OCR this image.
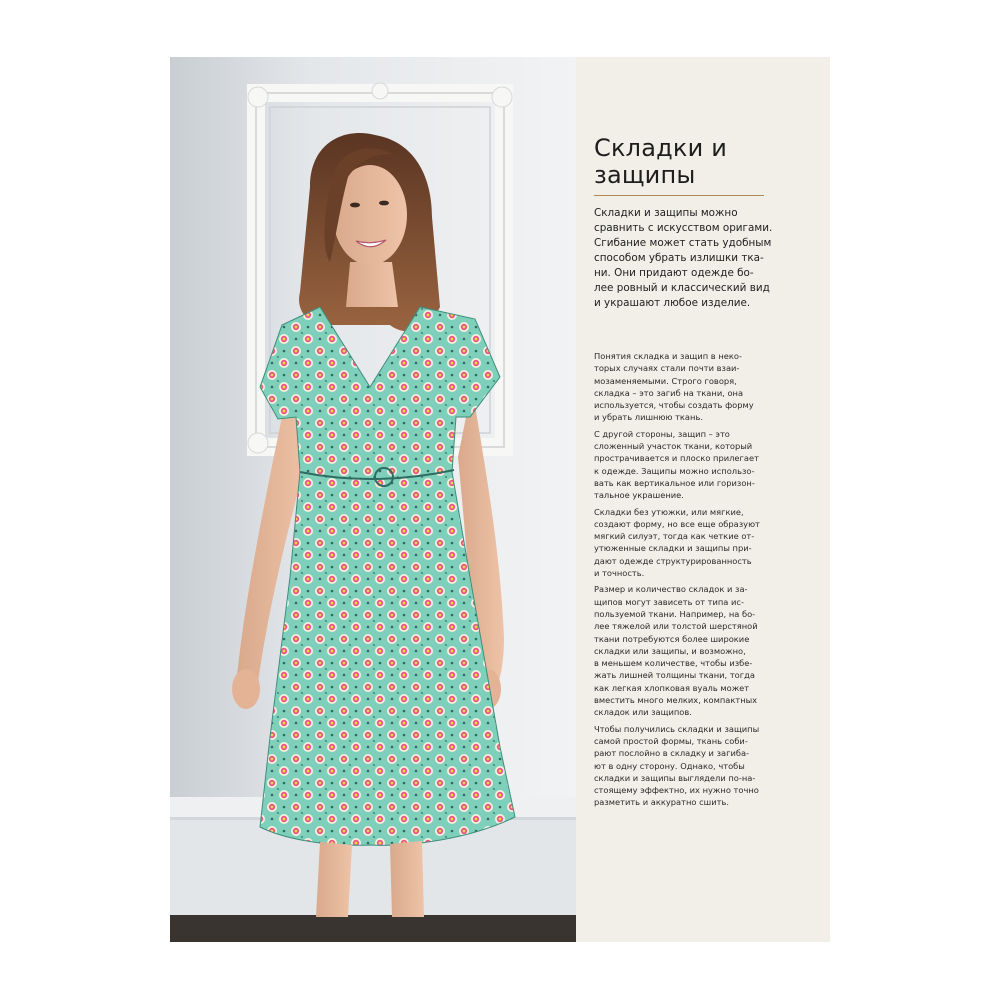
Складки и
защипы

Складки и защипы можно
сравнить с искусством оригами.
Сгибание может стать удобным
способом убрать излишки тка-
ни. Они придают одежде бо-
лее ровный и классический вид
и украшают любое изделие.

Понятия складка и защип в неко-
торых случаях стали почти взаи-
мозаменяемыми. Строго говоря,
складка – это загиб на ткани, она
используется, чтобы создать форму
и убрать лишнюю ткань.

С другой стороны, защип – это
сложенный участок ткани, который
прострачивается и плоско прилегает
к одежде. Защипы можно использо-
вать как вертикальное или горизон-
тальное украшение.

Складки без утюжки, или мягкие,
создают форму, но все еще образуют
мягкий силуэт, тогда как четкие от-
утюженные складки и защипы при-
дают одежде структурированность
и точность.

Размер и количество складок и за-
щипов могут зависеть от типа ис-
пользуемой ткани. Например, на бо-
лее тяжелой или толстой шерстяной
ткани потребуются более широкие
складки или защипы, и возможно,
в меньшем количестве, чтобы избе-
жать лишней толщины ткани, тогда
как легкая хлопковая вуаль может
вместить много мелких, компактных
складок или защипов.

Чтобы получились складки и защипы
самой простой формы, ткань соби-
рают послойно в складку и загиба-
ют в одну сторону. Однако, чтобы
складки и защипы выглядели по-на-
стоящему эффектно, их нужно точно
разметить и аккуратно сшить.
